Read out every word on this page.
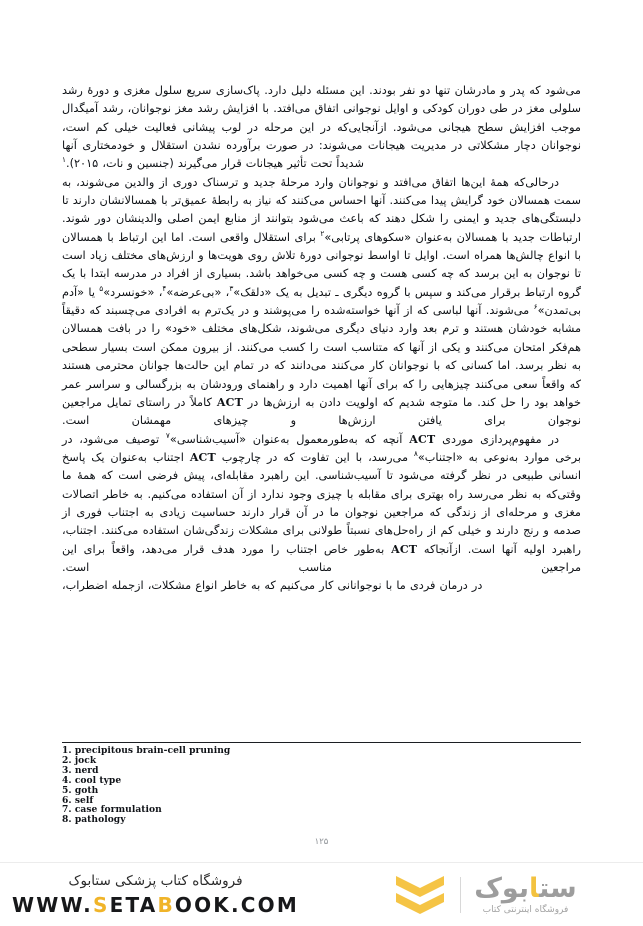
می‌شود که پدر و مادرشان تنها دو نفر بودند. این مسئله دلیل دارد. پاک‌سازی سریع سلول مغزی و دورهٔ رشد سلولی مغز در طی دوران کودکی و اوایل نوجوانی اتفاق می‌افتد. با افزایش رشد مغز نوجوانان، رشد آمیگدال موجب افزایش سطح هیجانی می‌شود. ازآنجایی‌که در این مرحله در لوب پیشانی فعالیت خیلی کم است، نوجوانان دچار مشکلاتی در مدیریت هیجانات می‌شوند: در صورت برآورده نشدن استقلال و خودمختاری آنها شدیداً تحت تأثیر هیجانات قرار می‌گیرند (جنسین و نات، ۲۰۱۵).$^۱$

درحالی‌که همهٔ این‌ها اتفاق می‌افتد و نوجوانان وارد مرحلهٔ جدید و ترسناک دوری از والدین می‌شوند، به سمت همسالان خود گرایش پیدا می‌کنند. آنها احساس می‌کنند که نیاز به رابطهٔ عمیق‌تر با همسالانشان دارند تا دلبستگی‌های جدید و ایمنی را شکل دهند که باعث می‌شود بتوانند از منابع ایمن اصلی والدینشان دور شوند. ارتباطات جدید با همسالان به‌عنوان «سکوهای پرتابی»$^۲$ برای استقلال واقعی است. اما این ارتباط با همسالان با انواع چالش‌ها همراه است. اوایل تا اواسط نوجوانی دورهٔ تلاش روی هویت‌ها و ارزش‌های مختلف زیاد است تا نوجوان به این برسد که چه کسی هست و چه کسی می‌خواهد باشد. بسیاری از افراد در مدرسه ابتدا با یک گروه ارتباط برقرار می‌کند و سپس با گروه دیگری ـ تبدیل به یک «دلقک»$^۳$، «بی‌عرضه»$^۴$، «خونسرد»$^۵$ یا «آدم بی‌تمدن»$^۶$ می‌شوند. آنها لباسی که از آنها خواسته‌شده را می‌پوشند و در یک‌ترم به افرادی می‌چسبند که دقیقاً مشابه خودشان هستند و ترم بعد وارد دنیای دیگری می‌شوند، شکل‌های مختلف «خود» را در بافت همسالان هم‌فکر امتحان می‌کنند و یکی از آنها که متناسب است را کسب می‌کنند. از بیرون ممکن است بسیار سطحی به نظر برسد. اما کسانی که با نوجوانان کار می‌کنند می‌دانند که در تمام این حالت‌ها جوانان محترمی هستند که واقعاً سعی می‌کنند چیزهایی را که برای آنها اهمیت دارد و راهنمای ورودشان به بزرگسالی و سراسر عمر خواهد بود را حل کند. ما متوجه شدیم که اولویت دادن به ارزش‌ها در ACT کاملاً در راستای تمایل مراجعین نوجوان برای یافتن ارزش‌ها و چیزهای مهمشان است.

در مفهوم‌پردازی موردی ACT آنچه که به‌طورمعمول به‌عنوان «آسیب‌شناسی»$^۷$ توصیف می‌شود، در برخی موارد به‌نوعی به «اجتناب»$^۸$ می‌رسد، با این تفاوت که در چارچوب ACT اجتناب به‌عنوان یک پاسخ انسانی طبیعی در نظر گرفته می‌شود تا آسیب‌شناسی. این راهبرد مقابله‌ای، پیش فرضی است که همهٔ ما وقتی‌که به نظر می‌رسد راه بهتری برای مقابله با چیزی وجود ندارد از آن استفاده می‌کنیم. به خاطر اتصالات مغزی و مرحله‌ای از زندگی که مراجعین نوجوان ما در آن قرار دارند حساسیت زیادی به اجتناب فوری از صدمه و رنج دارند و خیلی کم از راه‌حل‌های نسبتاً طولانی برای مشکلات زندگی‌شان استفاده می‌کنند. اجتناب، راهبرد اولیه آنها است. ازآنجاکه ACT به‌طور خاص اجتناب را مورد هدف قرار می‌دهد، واقعاً برای این مراجعین مناسب است.

در درمان فردی ما با نوجوانانی کار می‌کنیم که به خاطر انواع مشکلات، ازجمله اضطراب،

1. precipitous brain-cell pruning
2. jock
3. nerd
4. cool type
5. goth
6. self
7. case formulation
8. pathology
۱۲۵
ستابوک
فروشگاه اینترنتی کتاب
فروشگاه کتاب پزشکی ستابوک
WWW.SETABOOK.COM
